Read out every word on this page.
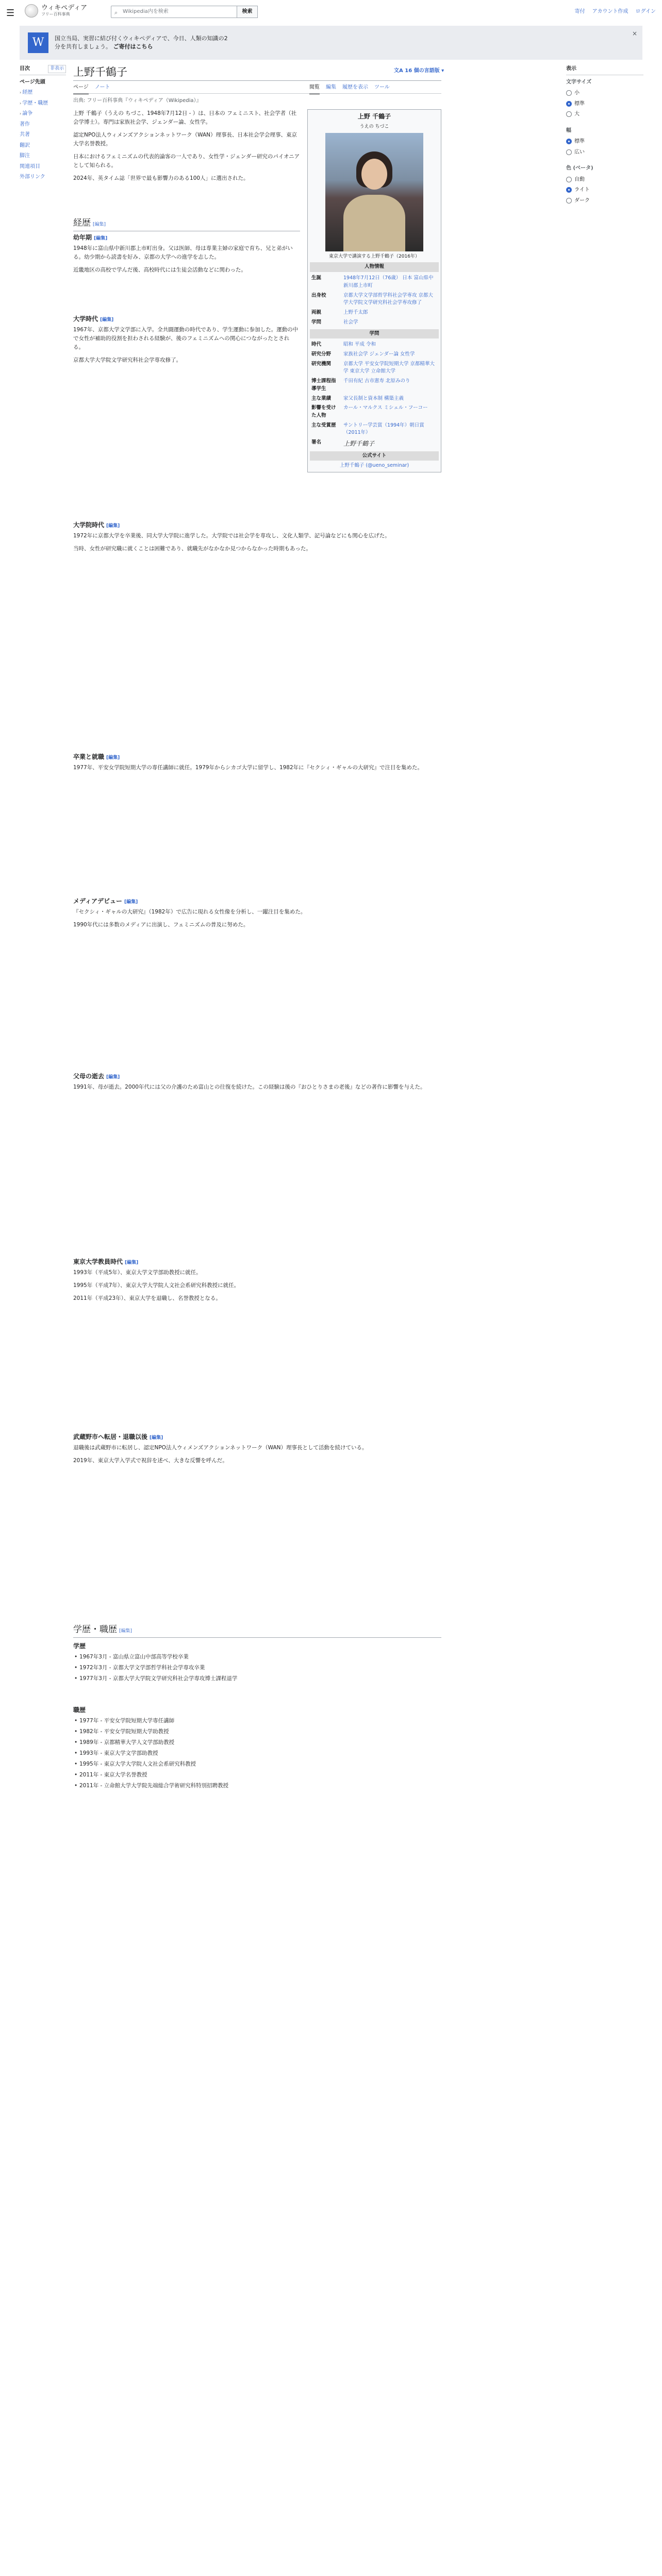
☰	ウィキペディア
フリー百科事典	⌕ Wikipedia内を検索	検索	寄付 アカウント作成 ログイン
W	国立当局、実習に結び付くウィキペディアで、今日、人類の知識の2分を共有しましょう。 ご寄付はこちら
×
目次	非表示
ページ先頭
› 経歴
› 学歴・職歴
› 論争
著作
共著
翻訳
脚注
関連項目
外部リンク
上野千鶴子	文A 16 個の言語版 ▾
ページ ノート	閲覧 編集 履歴を表示 ツール
出典: フリー百科事典『ウィキペディア（Wikipedia）』
表示
文字サイズ
小
標準
大
幅
標準
広い
色 (ベータ)
自動
ライト
ダーク
上野 千鶴子
うえの ちづこ
東京大学で講演する上野千鶴子（2016年）
人物情報
生誕	1948年7月12日（76歳） 日本 富山県中新川郡上市町
出身校	京都大学文学部哲学科社会学専攻 京都大学大学院文学研究科社会学専攻修了
両親	上野千太郎
学問	社会学
学問
時代	昭和 平成 令和
研究分野	家族社会学 ジェンダー論 女性学
研究機関	京都大学 平安女学院短期大学 京都精華大学 東京大学 立命館大学
博士課程指導学生	千田有紀 古市憲寿 北原みのり
主な業績	家父長制と資本制 構築主義
影響を受けた人物	カール・マルクス ミシェル・フーコー
主な受賞歴	サントリー学芸賞（1994年）朝日賞（2011年）
署名	上野千鶴子
公式サイト
上野千鶴子 (@ueno_seminar)

上野 千鶴子（うえの ちづこ、1948年7月12日 - ）は、日本の フェミニスト、社会学者（社会学博士）。専門は家族社会学、ジェンダー論、女性学。

認定NPO法人ウィメンズアクションネットワーク（WAN）理事長、日本社会学会理事、東京大学名誉教授。

日本におけるフェミニズムの代表的論客の一人であり、女性学・ジェンダー研究のパイオニアとして知られる。

2024年、英タイム誌「世界で最も影響力のある100人」に選出された。

経歴 [編集]
幼年期 [編集]

1948年に富山県中新川郡上市町出身。父は医師、母は専業主婦の家庭で育ち、兄と弟がいる。幼少期から読書を好み、京都の大学への進学を志した。

近畿地区の高校で学んだ後、高校時代には生徒会活動などに関わった。

大学時代 [編集]

1967年、京都大学文学部に入学。全共闘運動の時代であり、学生運動に参加した。運動の中で女性が補助的役割を担わされる経験が、後のフェミニズムへの関心につながったとされる。

京都大学大学院文学研究科社会学専攻修了。

大学院時代 [編集]

1972年に京都大学を卒業後、同大学大学院に進学した。大学院では社会学を専攻し、文化人類学、記号論などにも関心を広げた。

当時、女性が研究職に就くことは困難であり、就職先がなかなか見つからなかった時期もあった。

卒業と就職 [編集]

1977年、平安女学院短期大学の専任講師に就任。1979年からシカゴ大学に留学し、1982年に『セクシィ・ギャルの大研究』で注目を集めた。

メディアデビュー [編集]

『セクシィ・ギャルの大研究』（1982年）で広告に現れる女性像を分析し、一躍注目を集めた。

1990年代には多数のメディアに出演し、フェミニズムの普及に努めた。

父母の逝去 [編集]

1991年、母が逝去。2000年代には父の介護のため富山との往復を続けた。この経験は後の『おひとりさまの老後』などの著作に影響を与えた。

東京大学教員時代 [編集]

1993年（平成5年）、東京大学文学部助教授に就任。

1995年（平成7年）、東京大学大学院人文社会系研究科教授に就任。

2011年（平成23年）、東京大学を退職し、名誉教授となる。

武蔵野市へ転居・退職以後 [編集]

退職後は武蔵野市に転居し、認定NPO法人ウィメンズアクションネットワーク（WAN）理事長として活動を続けている。

2019年、東京大学入学式で祝辞を述べ、大きな反響を呼んだ。

学歴・職歴 [編集]
学歴
• 1967年3月 - 富山県立富山中部高等学校卒業
• 1972年3月 - 京都大学文学部哲学科社会学専攻卒業
• 1977年3月 - 京都大学大学院文学研究科社会学専攻博士課程退学
職歴
• 1977年 - 平安女学院短期大学専任講師
• 1982年 - 平安女学院短期大学助教授
• 1989年 - 京都精華大学人文学部助教授
• 1993年 - 東京大学文学部助教授
• 1995年 - 東京大学大学院人文社会系研究科教授
• 2011年 - 東京大学名誉教授
• 2011年 - 立命館大学大学院先端総合学術研究科特別招聘教授
